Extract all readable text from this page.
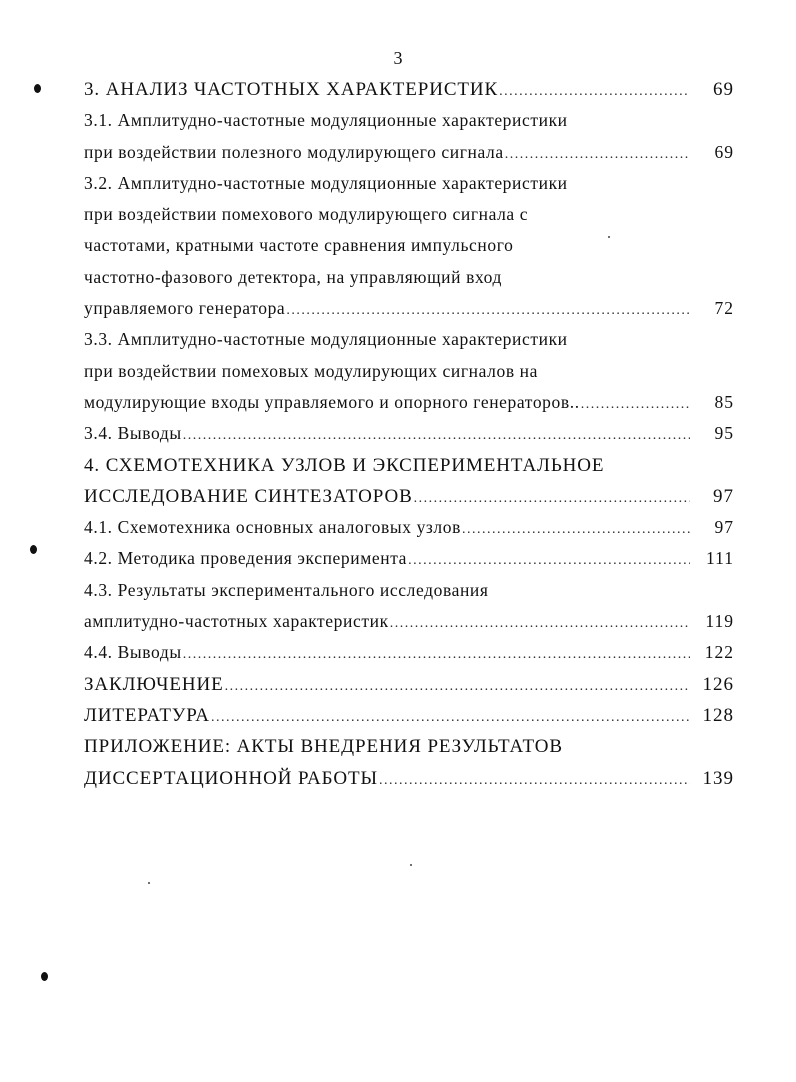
3
3. АНАЛИЗ ЧАСТОТНЫХ ХАРАКТЕРИСТИК .....	69
3.1. Амплитудно-частотные модуляционные характеристики
при воздействии полезного модулирующего сигнала .....	69
3.2. Амплитудно-частотные модуляционные характеристики
при воздействии помехового модулирующего сигнала с
частотами, кратными частоте сравнения импульсного
частотно-фазового детектора, на управляющий вход
управляемого генератора .....	72
3.3. Амплитудно-частотные модуляционные характеристики
при воздействии помеховых модулирующих сигналов на
модулирующие входы управляемого и опорного генераторов.. .....	85
3.4. Выводы .....	95
4. СХЕМОТЕХНИКА УЗЛОВ И ЭКСПЕРИМЕНТАЛЬНОЕ
ИССЛЕДОВАНИЕ СИНТЕЗАТОРОВ .....	97
4.1. Схемотехника основных аналоговых узлов .....	97
4.2. Методика проведения эксперимента .....	111
4.3. Результаты экспериментального исследования
амплитудно-частотных характеристик .....	119
4.4. Выводы .....	122
ЗАКЛЮЧЕНИЕ .....	126
ЛИТЕРАТУРА .....	128
ПРИЛОЖЕНИЕ: АКТЫ ВНЕДРЕНИЯ РЕЗУЛЬТАТОВ
ДИССЕРТАЦИОННОЙ РАБОТЫ .....	139
